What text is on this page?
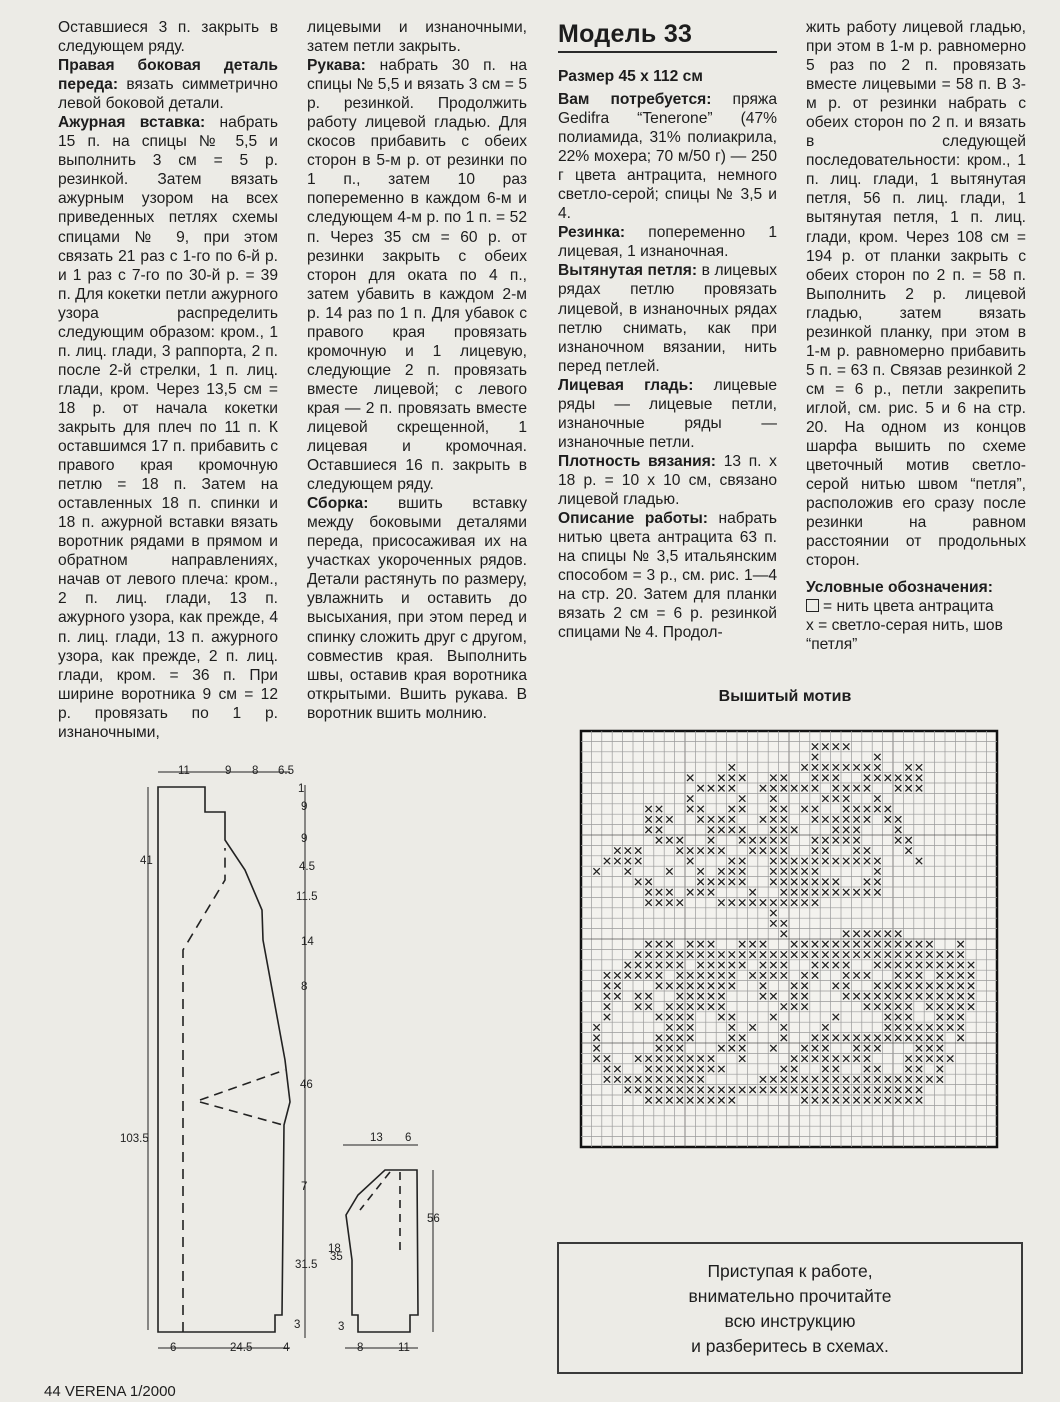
Оставшиеся 3 п. закрыть в следующем ряду.

Правая боковая деталь переда: вязать симметрично левой боковой детали.

Ажурная вставка: набрать 15 п. на спицы № 5,5 и выполнить 3 см = 5 р. резинкой. Затем вязать ажурным узором на всех приведенных петлях схемы спицами № 9, при этом связать 21 раз с 1-го по 6-й р. и 1 раз с 7-го по 30-й р. = 39 п. Для кокетки петли ажурного узора распределить следующим образом: кром., 1 п. лиц. глади, 3 раппорта, 2 п. после 2-й стрелки, 1 п. лиц. глади, кром. Через 13,5 см = 18 р. от начала кокетки закрыть для плеч по 11 п. К оставшимся 17 п. прибавить с правого края кромочную петлю = 18 п. Затем на оставленных 18 п. спинки и 18 п. ажурной вставки вязать воротник рядами в прямом и обратном направлениях, начав от левого плеча: кром., 2 п. лиц. глади, 13 п. ажурного узора, как прежде, 4 п. лиц. глади, 13 п. ажурного узора, как прежде, 2 п. лиц. глади, кром. = 36 п. При ширине воротника 9 см = 12 р. провязать по 1 р. изнаночными,

лицевыми и изнаночными, затем петли закрыть.

Рукава: набрать 30 п. на спицы № 5,5 и вязать 3 см = 5 р. резинкой. Продолжить работу лицевой гладью. Для скосов прибавить с обеих сторон в 5-м р. от резинки по 1 п., затем 10 раз попеременно в каждом 6-м и следующем 4-м р. по 1 п. = 52 п. Через 35 см = 60 р. от резинки закрыть с обеих сторон для оката по 4 п., затем убавить в каждом 2-м р. 14 раз по 1 п. Для убавок с правого края провязать кромочную и 1 лицевую, следующие 2 п. провязать вместе лицевой; с левого края — 2 п. провязать вместе лицевой скрещенной, 1 лицевая и кромочная. Оставшиеся 16 п. закрыть в следующем ряду.

Сборка: вшить вставку между боковыми деталями переда, присосаживая их на участках укороченных рядов. Детали растянуть по размеру, увлажнить и оставить до высыхания, при этом перед и спинку сложить друг с другом, совместив края. Выполнить швы, оставив края воротника открытыми. Вшить рукава. В воротник вшить молнию.

Модель 33
Размер 45 х 112 см

Вам потребуется: пряжа Gedifra “Tenerone” (47% полиамида, 31% полиакрила, 22% мохера; 70 м/50 г) — 250 г цвета антрацита, немного светло-серой; спицы № 3,5 и 4.

Резинка: попеременно 1 лицевая, 1 изнаночная.

Вытянутая петля: в лицевых рядах петлю провязать лицевой, в изнаночных рядах петлю снимать, как при изнаночном вязании, нить перед петлей.

Лицевая гладь: лицевые ряды — лицевые петли, изнаночные ряды — изнаночные петли.

Плотность вязания: 13 п. х 18 р. = 10 х 10 см, связано лицевой гладью.

Описание работы: набрать нитью цвета антрацита 63 п. на спицы № 3,5 итальянским способом = 3 р., см. рис. 1—4 на стр. 20. Затем для планки вязать 2 см = 6 р. резинкой спицами № 4. Продол-

жить работу лицевой гладью, при этом в 1-м р. равномерно 5 раз по 2 п. провязать вместе лицевыми = 58 п. В 3-м р. от резинки набрать с обеих сторон по 2 п. и вязать в следующей последовательности: кром., 1 п. лиц. глади, 1 вытянутая петля, 56 п. лиц. глади, 1 вытянутая петля, 1 п. лиц. глади, кром. Через 108 см = 194 р. от планки закрыть с обеих сторон по 2 п. = 58 п. Выполнить 2 р. лицевой гладью, затем вязать резинкой планку, при этом в 1-м р. равномерно прибавить 5 п. = 63 п. Связав резинкой 2 см = 6 р., петли закрепить иглой, см. рис. 5 и 6 на стр. 20. На одном из концов шарфа вышить по схеме цветочный мотив светло-серой нитью швом “петля”, расположив его сразу после резинки на равном расстоянии от продольных сторон.

Условные обозначения:
= нить цвета антрацита
х = светло-серая нить, шов “петля”
Вышитый мотив
11	9 8 6.5
1
9
9
41	4.5
11.5
14
8
46
103.5
7
31.5
3
6	24.5	4
13 6
18
56
35
3
8	11
Приступая к работе,
внимательно прочитайте
всю инструкцию
и разберитесь в схемах.
44 VERENA 1/2000
